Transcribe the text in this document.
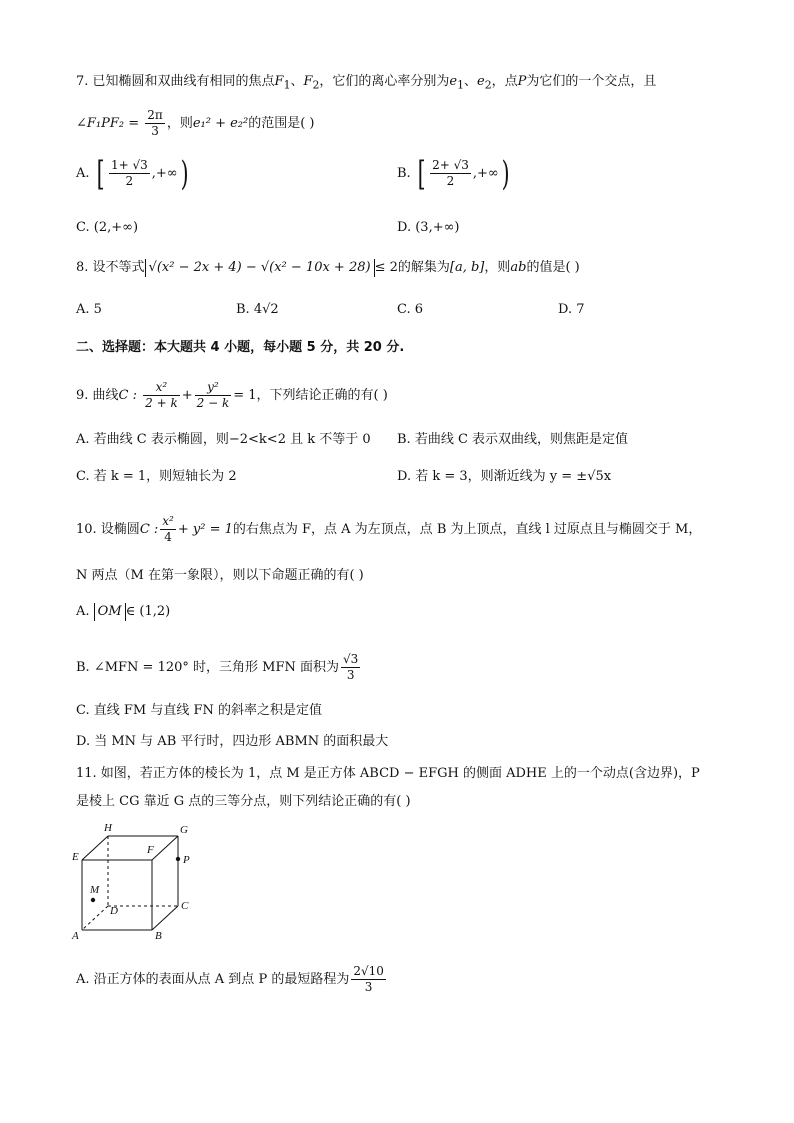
7. 已知椭圆和双曲线有相同的焦点$F_1$、$F_2$，它们的离心率分别为$e_1$、$e_2$，点P为它们的一个交点，且
∠F₁PF₂ = $\frac{2\pi}{3}$ ，则e₁² + e₂²的范围是( )
A. [ $\frac{1+ √3}{2}$ ,+∞)	B. [ $\frac{2+ √3}{2}$ ,+∞)
C. (2,+∞)	D. (3,+∞)
8. 设不等式 √(x² − 2x + 4) − √(x² − 10x + 28) ≤ 2的解集为[a, b]，则ab的值是( )
A. 5	B. 4√2	C. 6	D. 7
二、选择题：本大题共 4 小题，每小题 5 分，共 20 分.
9. 曲线C : $\frac{\text{x²}}{2 + k} + \frac{\text{y²}}{2 - k} = 1$，下列结论正确的有( )
A. 若曲线 C 表示椭圆，则−2<k<2 且 k 不等于 0 B. 若曲线 C 表示双曲线，则焦距是定值
C. 若 k = 1，则短轴长为 2	D. 若 k = 3，则渐近线为 y = ±√5x
10. 设椭圆C : $\frac{\text{x²}}{4} + y^2 = 1$的右焦点为 F，点 A 为左顶点，点 B 为上顶点，直线 l 过原点且与椭圆交于 M，
N 两点（M 在第一象限），则以下命题正确的有( )
A. OM ∈ (1,2)
B. ∠MFN = 120° 时，三角形 MFN 面积为 $\frac{√3}{3}$
C. 直线 FM 与直线 FN 的斜率之积是定值
D. 当 MN 与 AB 平行时，四边形 ABMN 的面积最大
11. 如图，若正方体的棱长为 1，点 M 是正方体 ABCD − EFGH 的侧面 ADHE 上的一个动点(含边界)，P
是棱上 CG 靠近 G 点的三等分点，则下列结论正确的有( )
H	G
E
F
P
M
D	C
A	B
A. 沿正方体的表面从点 A 到点 P 的最短路程为 $\frac{2√10}{3}$
